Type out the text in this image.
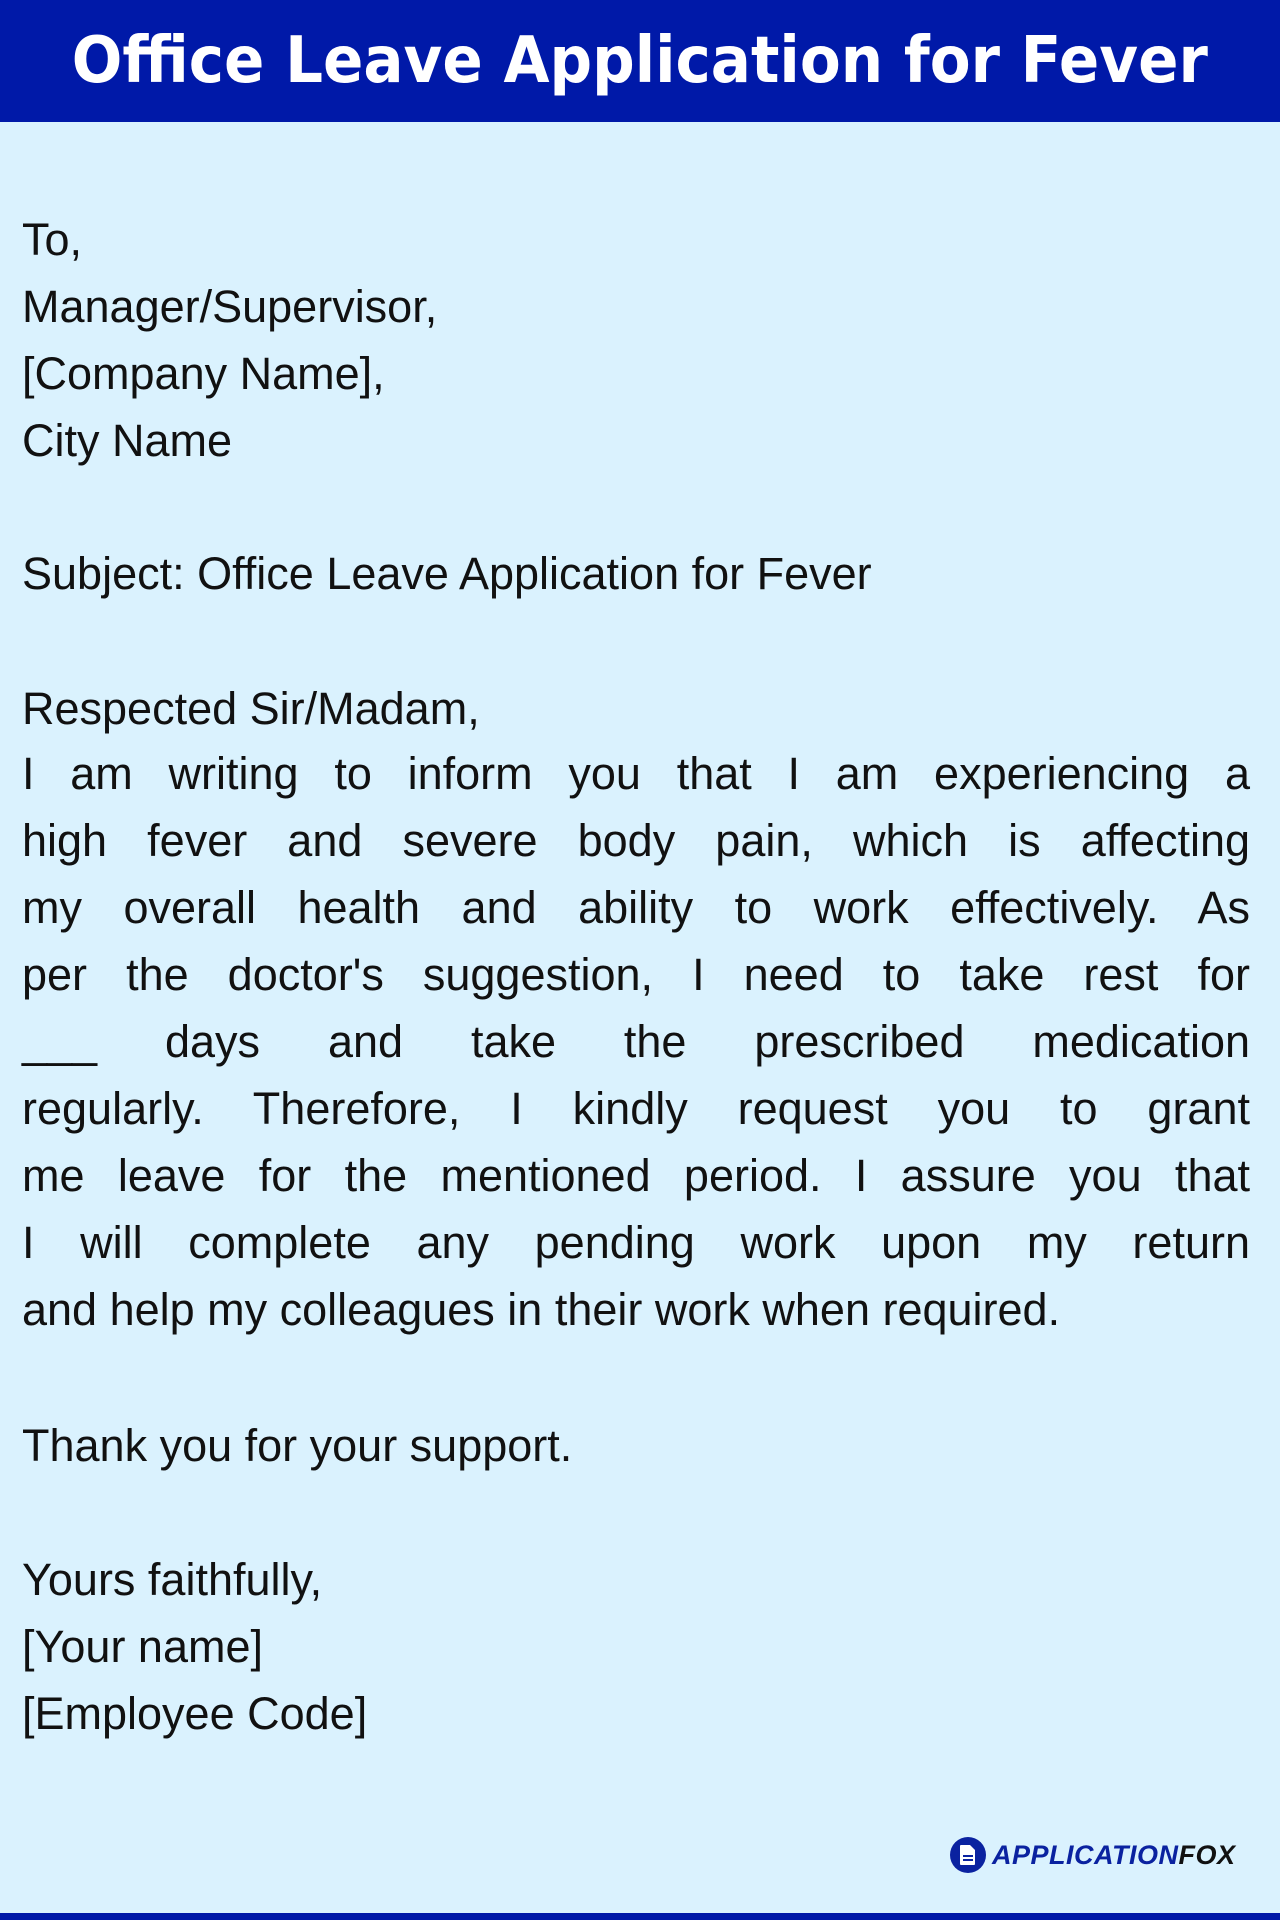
Office Leave Application for Fever
To,
Manager/Supervisor,
[Company Name],
City Name
Subject: Office Leave Application for Fever
Respected Sir/Madam,
I am writing to inform you that I am experiencing a
high fever and severe body pain, which is affecting
my overall health and ability to work effectively. As
per the doctor's suggestion, I need to take rest for
___ days and take the prescribed medication
regularly. Therefore, I kindly request you to grant
me leave for the mentioned period. I assure you that
I will complete any pending work upon my return
and help my colleagues in their work when required.
Thank you for your support.
Yours faithfully,
[Your name]
[Employee Code]
APPLICATIONFOX
